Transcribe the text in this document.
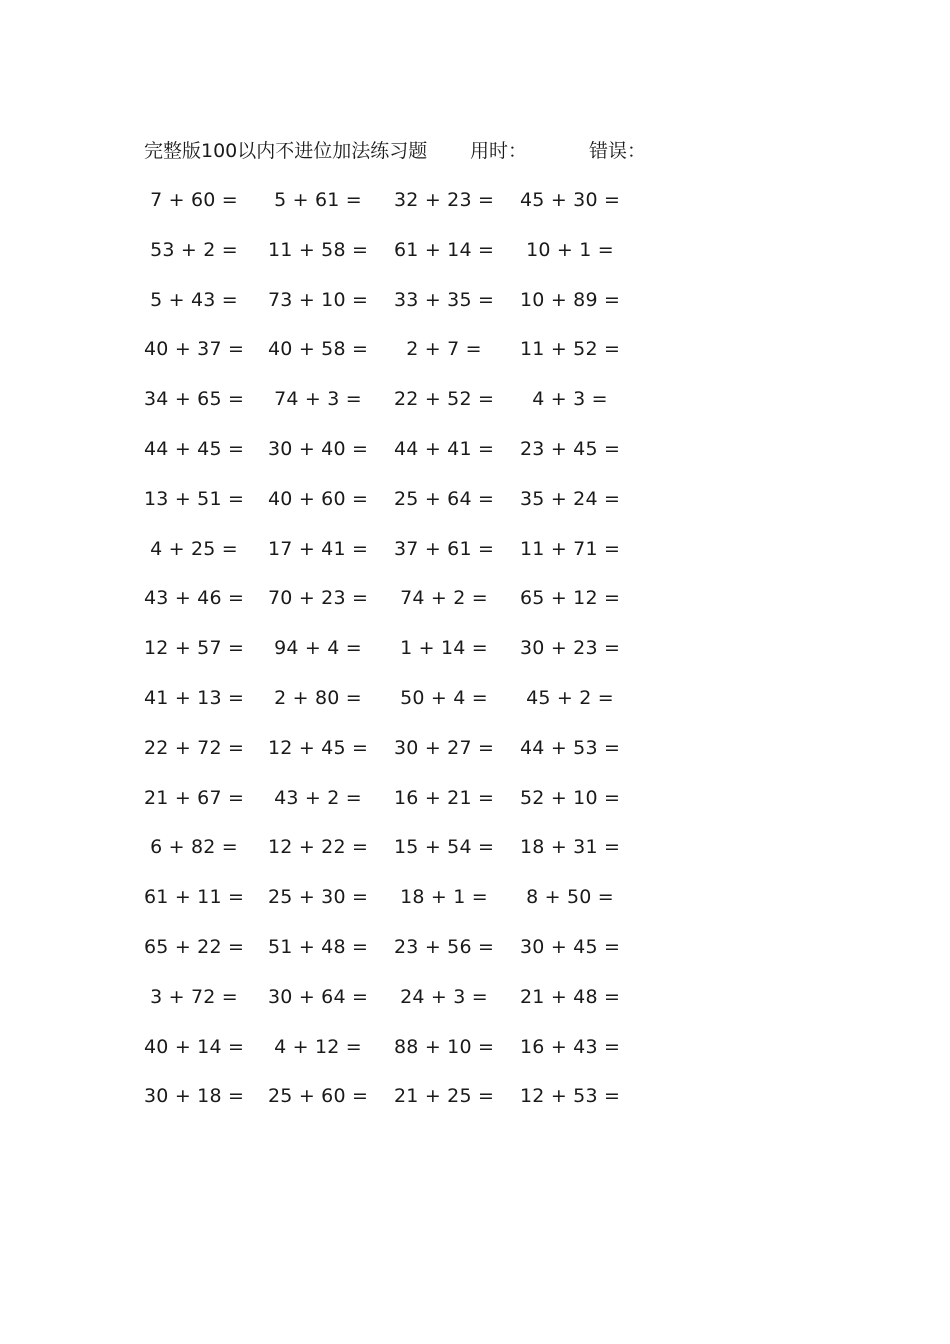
完整版100以内不进位加法练习题 用时：	错误：
7 + 60 =	5 + 61 =	32 + 23 = 45 + 30 =
53 + 2 =	11 + 58 = 61 + 14 =	10 + 1 =
5 + 43 =	73 + 10 = 33 + 35 = 10 + 89 =
40 + 37 = 40 + 58 =	2 + 7 =	11 + 52 =
34 + 65 =	74 + 3 =	22 + 52 =	4 + 3 =
44 + 45 = 30 + 40 = 44 + 41 = 23 + 45 =
13 + 51 = 40 + 60 = 25 + 64 = 35 + 24 =
4 + 25 =	17 + 41 = 37 + 61 = 11 + 71 =
43 + 46 = 70 + 23 =	74 + 2 =	65 + 12 =
12 + 57 =	94 + 4 =	1 + 14 =	30 + 23 =
41 + 13 =	2 + 80 =	50 + 4 =	45 + 2 =
22 + 72 = 12 + 45 = 30 + 27 = 44 + 53 =
21 + 67 =	43 + 2 =	16 + 21 = 52 + 10 =
6 + 82 =	12 + 22 = 15 + 54 = 18 + 31 =
61 + 11 = 25 + 30 =	18 + 1 =	8 + 50 =
65 + 22 = 51 + 48 = 23 + 56 = 30 + 45 =
3 + 72 =	30 + 64 =	24 + 3 =	21 + 48 =
40 + 14 =	4 + 12 =	88 + 10 = 16 + 43 =
30 + 18 = 25 + 60 = 21 + 25 = 12 + 53 =
